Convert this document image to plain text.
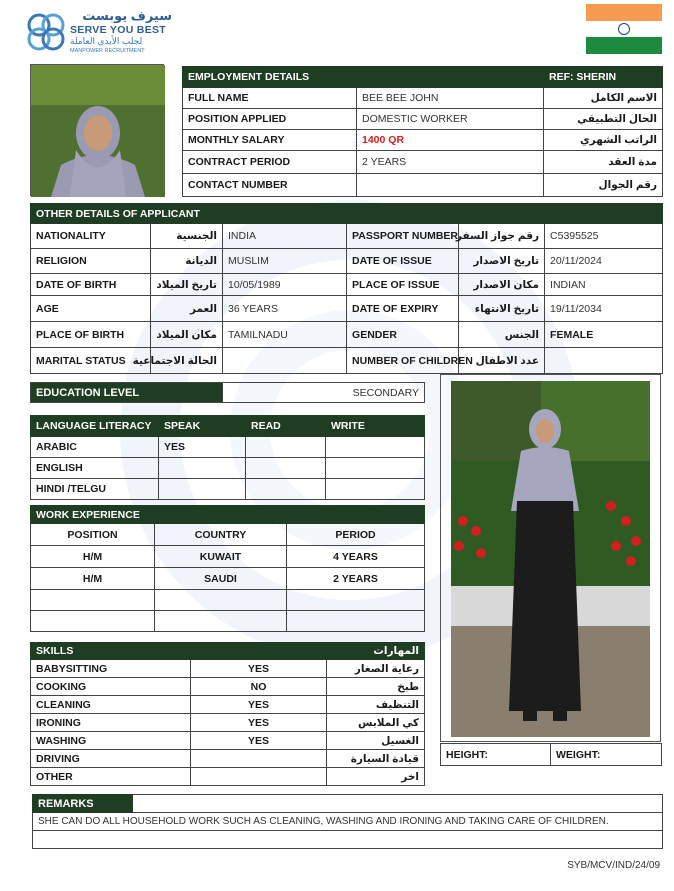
سيرف يوبست
SERVE YOU BEST
لجلب الأيدي العاملة
MANPOWER RECRUITMENT
EMPLOYMENT DETAILS		REF: SHERIN
FULL NAME	BEE BEE JOHN	الاسم الكامل
POSITION APPLIED	DOMESTIC WORKER	الحال التطبيقي
MONTHLY SALARY	1400 QR	الراتب الشهري
CONTRACT PERIOD	2 YEARS	مدة العقد
CONTACT NUMBER		رقم الجوال
OTHER DETAILS OF APPLICANT					
NATIONALITY	الجنسية	INDIA	PASSPORT NUMBER	رقم جواز السفر	C5395525
RELIGION	الديانة	MUSLIM	DATE OF ISSUE	تاريخ الاصدار	20/11/2024
DATE OF BIRTH	تاريخ الميلاد	10/05/1989	PLACE OF ISSUE	مكان الاصدار	INDIAN
AGE	العمر	36 YEARS	DATE OF EXPIRY	تاريخ الانتهاء	19/11/2034
PLACE OF BIRTH	مكان الميلاد	TAMILNADU	GENDER	الجنس	FEMALE
MARITAL STATUS	الحالة الاجتماعية		NUMBER OF CHILDREN	عدد الاطفال	
EDUCATION LEVEL	SECONDARY
LANGUAGE LITERACY	SPEAK	READ	WRITE
ARABIC	YES		
ENGLISH			
HINDI /TELGU			
WORK EXPERIENCE		
POSITION	COUNTRY	PERIOD
H/M	KUWAIT	4 YEARS
H/M	SAUDI	2 YEARS

SKILLS		المهارات
BABYSITTING	YES	رعاية الصغار
COOKING	NO	طبخ
CLEANING	YES	التنظيف
IRONING	YES	كي الملابس
WASHING	YES	الغسيل
DRIVING		قيادة السيارة
OTHER		اخر
HEIGHT:	WEIGHT:
REMARKS	
SHE CAN DO ALL HOUSEHOLD WORK SUCH AS CLEANING, WASHING AND IRONING AND TAKING CARE OF CHILDREN.

SYB/MCV/IND/24/09
